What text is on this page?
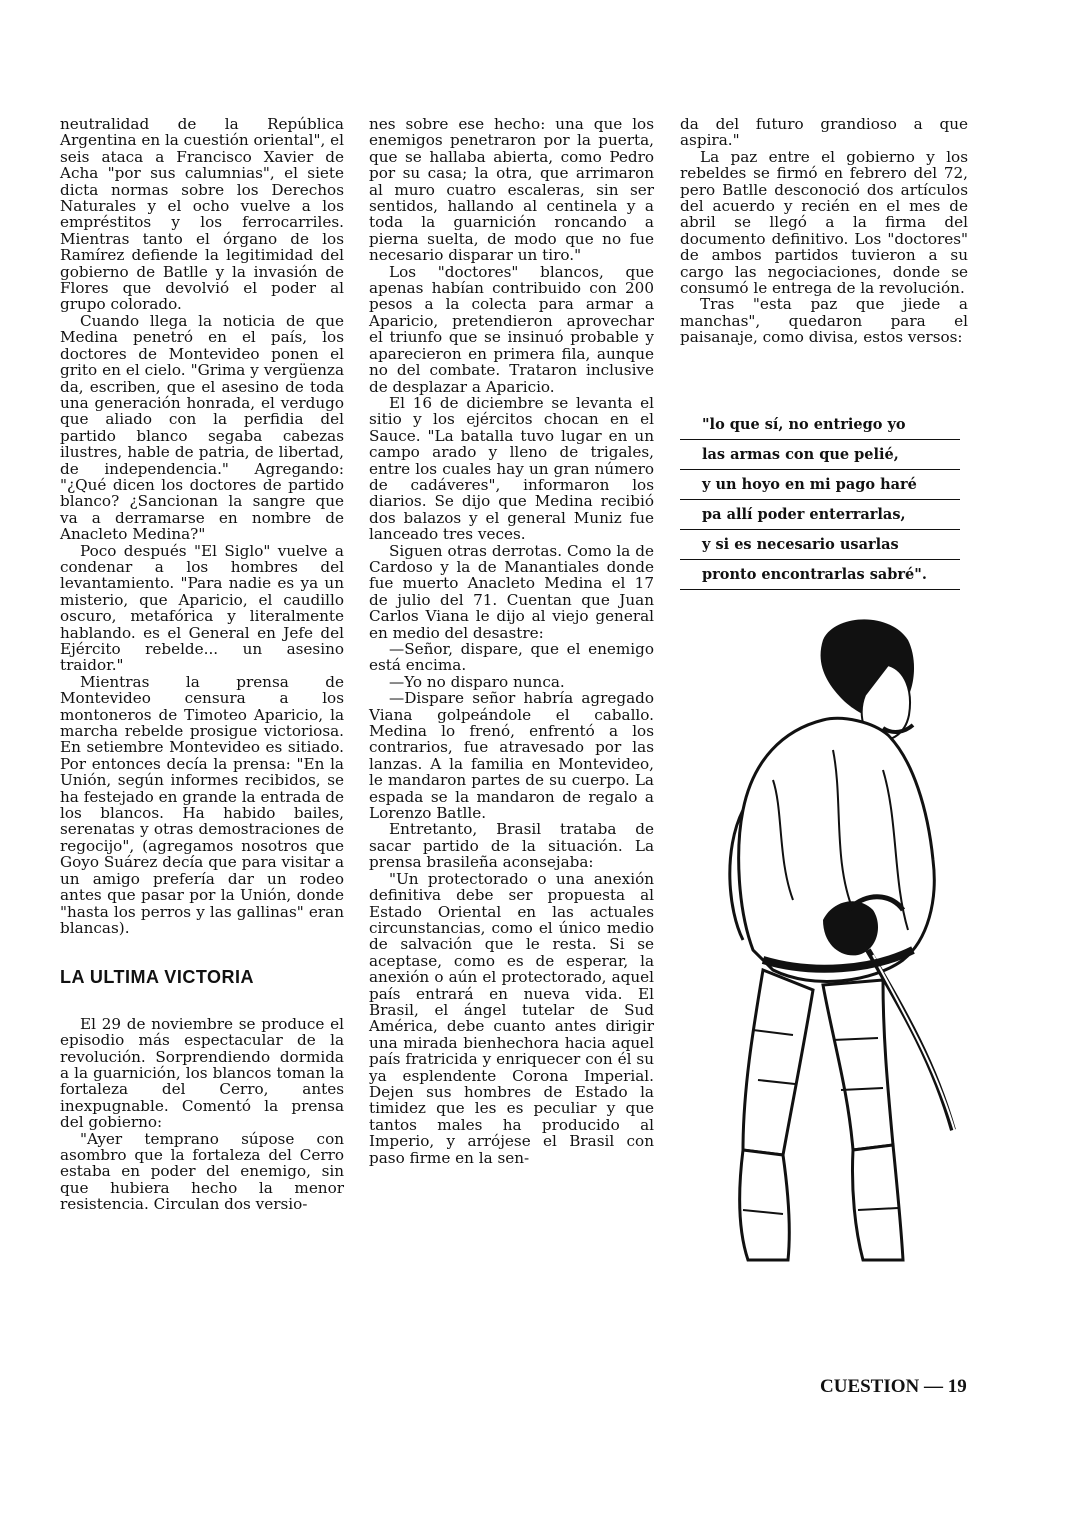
neutralidad de la República Argentina en la cuestión oriental", el seis ataca a Francisco Xavier de Acha "por sus calumnias", el siete dicta normas sobre los Derechos Naturales y el ocho vuelve a los empréstitos y los ferrocarriles. Mientras tanto el órgano de los Ramírez defiende la legitimidad del gobierno de Batlle y la invasión de Flores que devolvió el poder al grupo colorado.

Cuando llega la noticia de que Medina penetró en el país, los doctores de Montevideo ponen el grito en el cielo. "Grima y vergüenza da, escriben, que el asesino de toda una generación honrada, el verdugo que aliado con la perfidia del partido blanco segaba cabezas ilustres, hable de patria, de libertad, de independencia." Agregando: "¿Qué dicen los doctores de partido blanco? ¿Sancionan la sangre que va a derramarse en nombre de Anacleto Medina?"

Poco después "El Siglo" vuelve a condenar a los hombres del levantamiento. "Para nadie es ya un misterio, que Aparicio, el caudillo oscuro, metafórica y literalmente hablando. es el General en Jefe del Ejército rebelde... un asesino traidor."

Mientras la prensa de Montevideo censura a los montoneros de Timoteo Aparicio, la marcha rebelde prosigue victoriosa. En setiembre Montevideo es sitiado. Por entonces decía la prensa: "En la Unión, según informes recibidos, se ha festejado en grande la entrada de los blancos. Ha habido bailes, serenatas y otras demostraciones de regocijo", (agregamos nosotros que Goyo Suárez decía que para visitar a un amigo prefería dar un rodeo antes que pasar por la Unión, donde "hasta los perros y las gallinas" eran blancas).

LA ULTIMA VICTORIA

El 29 de noviembre se produce el episodio más espectacular de la revolución. Sorprendiendo dormida a la guarnición, los blancos toman la fortaleza del Cerro, antes inexpugnable. Comentó la prensa del gobierno:

"Ayer temprano súpose con asombro que la fortaleza del Cerro estaba en poder del enemigo, sin que hubiera hecho la menor resistencia. Circulan dos versio-

nes sobre ese hecho: una que los enemigos penetraron por la puerta, que se hallaba abierta, como Pedro por su casa; la otra, que arrimaron al muro cuatro escaleras, sin ser sentidos, hallando al centinela y a toda la guarnición roncando a pierna suelta, de modo que no fue necesario disparar un tiro."

Los "doctores" blancos, que apenas habían contribuido con 200 pesos a la colecta para armar a Aparicio, pretendieron aprovechar el triunfo que se insinuó probable y aparecieron en primera fila, aunque no del combate. Trataron inclusive de desplazar a Aparicio.

El 16 de diciembre se levanta el sitio y los ejércitos chocan en el Sauce. "La batalla tuvo lugar en un campo arado y lleno de trigales, entre los cuales hay un gran número de cadáveres", informaron los diarios. Se dijo que Medina recibió dos balazos y el general Muniz fue lanceado tres veces.

Siguen otras derrotas. Como la de Cardoso y la de Manantiales donde fue muerto Anacleto Medina el 17 de julio del 71. Cuentan que Juan Carlos Viana le dijo al viejo general en medio del desastre:

—Señor, dispare, que el enemigo está encima.

—Yo no disparo nunca.

—Dispare señor habría agregado Viana golpeándole el caballo. Medina lo frenó, enfrentó a los contrarios, fue atravesado por las lanzas. A la familia en Montevideo, le mandaron partes de su cuerpo. La espada se la mandaron de regalo a Lorenzo Batlle.

Entretanto, Brasil trataba de sacar partido de la situación. La prensa brasileña aconsejaba:

"Un protectorado o una anexión definitiva debe ser propuesta al Estado Oriental en las actuales circunstancias, como el único medio de salvación que le resta. Si se aceptase, como es de esperar, la anexión o aún el protectorado, aquel país entrará en nueva vida. El Brasil, el ángel tutelar de Sud América, debe cuanto antes dirigir una mirada bienhechora hacia aquel país fratricida y enriquecer con él su ya esplendente Corona Imperial. Dejen sus hombres de Estado la timidez que les es peculiar y que tantos males ha producido al Imperio, y arrójese el Brasil con paso firme en la sen-

da del futuro grandioso a que aspira."

La paz entre el gobierno y los rebeldes se firmó en febrero del 72, pero Batlle desconoció dos artículos del acuerdo y recién en el mes de abril se llegó a la firma del documento definitivo. Los "doctores" de ambos partidos tuvieron a su cargo las negociaciones, donde se consumó le entrega de la revolución.

Tras "esta paz que jiede a manchas", quedaron para el paisanaje, como divisa, estos versos:

"lo que sí, no entriego yo
las armas con que pelié,
y un hoyo en mi pago haré
pa allí poder enterrarlas,
y si es necesario usarlas
pronto encontrarlas sabré".
CUESTION — 19
